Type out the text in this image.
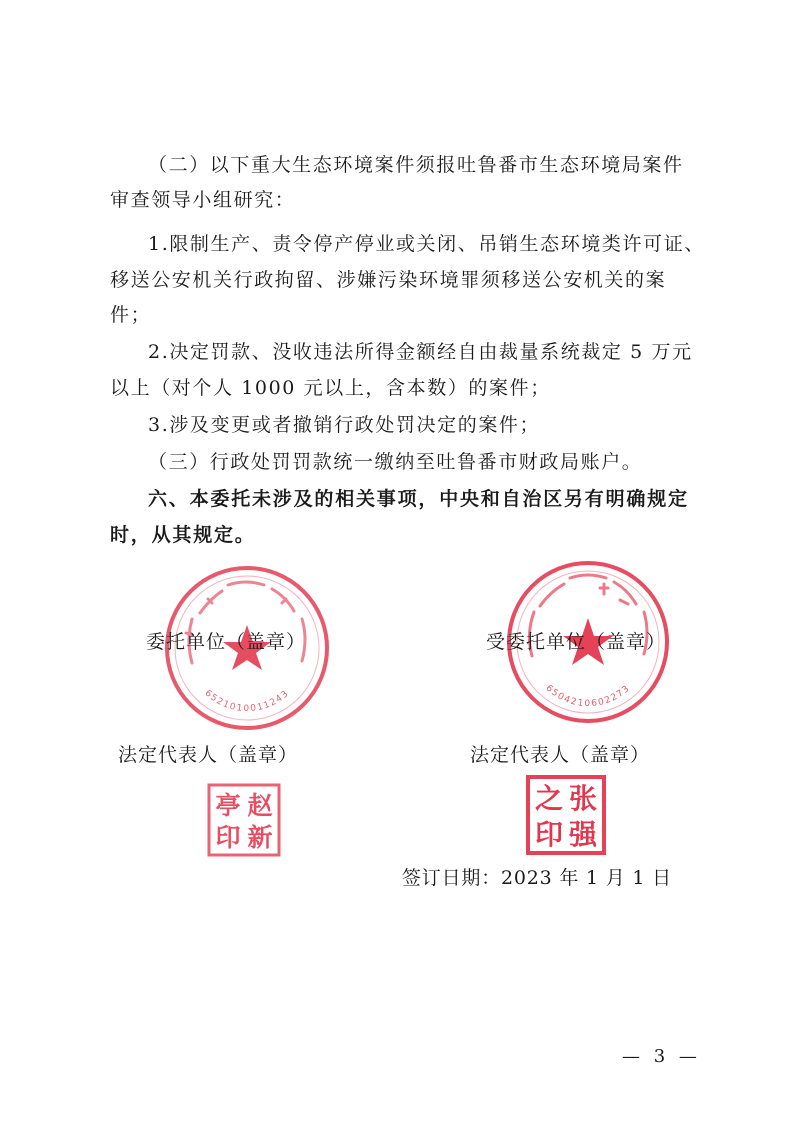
（二）以下重大生态环境案件须报吐鲁番市生态环境局案件
审查领导小组研究：
1.限制生产、责令停产停业或关闭、吊销生态环境类许可证、
移送公安机关行政拘留、涉嫌污染环境罪须移送公安机关的案
件；
2.决定罚款、没收违法所得金额经自由裁量系统裁定 5 万元
以上（对个人 1000 元以上，含本数）的案件；
3.涉及变更或者撤销行政处罚决定的案件；
（三）行政处罚罚款统一缴纳至吐鲁番市财政局账户。
六、本委托未涉及的相关事项，中央和自治区另有明确规定
时，从其规定。
6521010011243	6504210602273
委托单位（盖章）	受委托单位（盖章）
法定代表人（盖章）	法定代表人（盖章）
亭 赵
印 新
张
之
强
印
签订日期：2023 年 1 月 1 日
— 3 —
